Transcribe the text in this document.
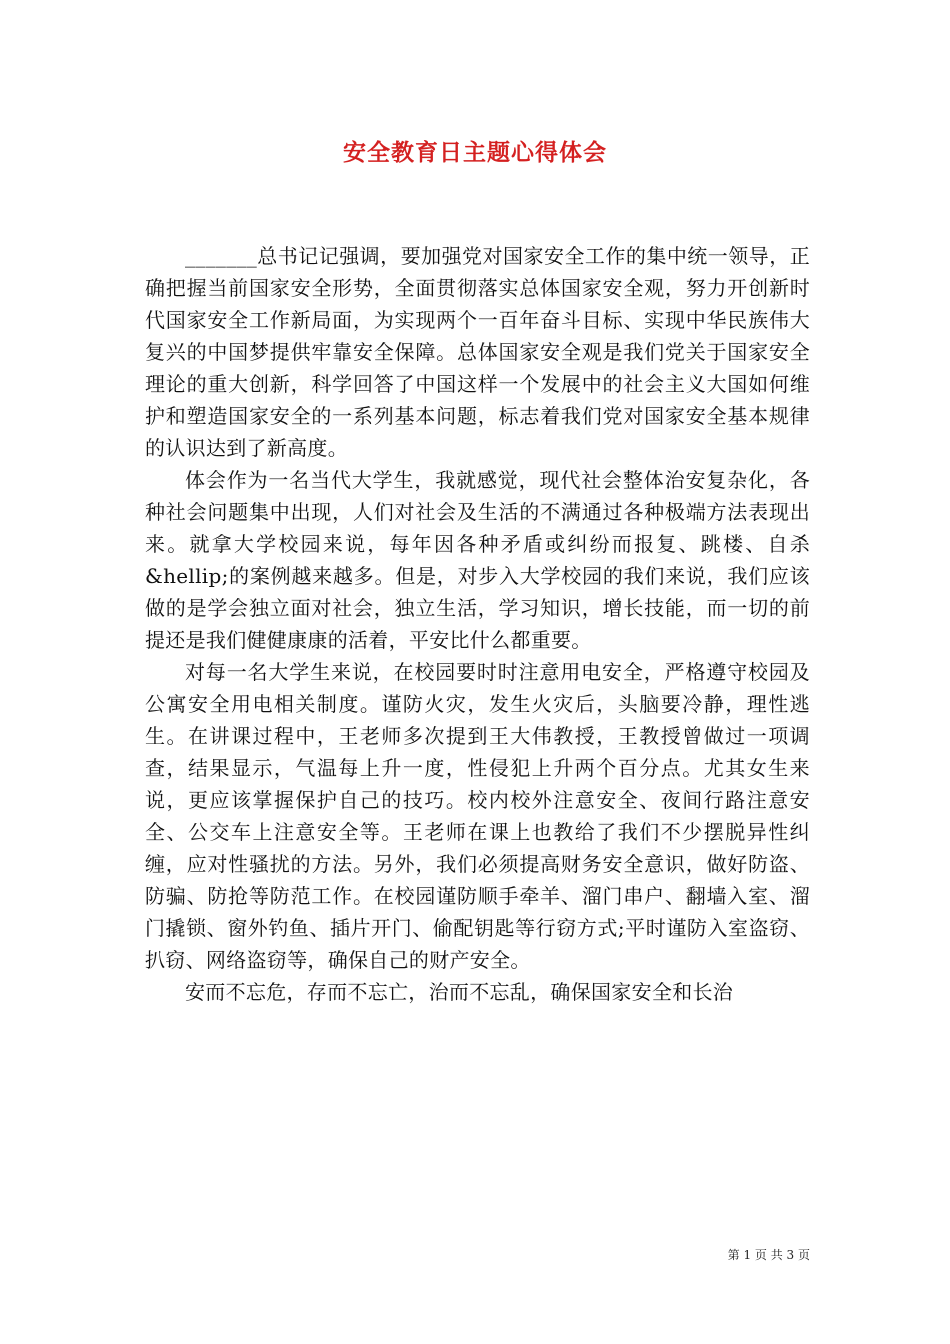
安全教育日主题心得体会

_______总书记记强调，要加强党对国家安全工作的集中统一领导，正确把握当前国家安全形势，全面贯彻落实总体国家安全观，努力开创新时代国家安全工作新局面，为实现两个一百年奋斗目标、实现中华民族伟大复兴的中国梦提供牢靠安全保障。总体国家安全观是我们党关于国家安全理论的重大创新，科学回答了中国这样一个发展中的社会主义大国如何维护和塑造国家安全的一系列基本问题，标志着我们党对国家安全基本规律的认识达到了新高度。

体会作为一名当代大学生，我就感觉，现代社会整体治安复杂化，各种社会问题集中出现，人们对社会及生活的不满通过各种极端方法表现出来。就拿大学校园来说，每年因各种矛盾或纠纷而报复、跳楼、自杀&hellip;的案例越来越多。但是，对步入大学校园的我们来说，我们应该做的是学会独立面对社会，独立生活，学习知识，增长技能，而一切的前提还是我们健健康康的活着，平安比什么都重要。

对每一名大学生来说，在校园要时时注意用电安全，严格遵守校园及公寓安全用电相关制度。谨防火灾，发生火灾后，头脑要冷静，理性逃生。在讲课过程中，王老师多次提到王大伟教授，王教授曾做过一项调查，结果显示，气温每上升一度，性侵犯上升两个百分点。尤其女生来说，更应该掌握保护自己的技巧。校内校外注意安全、夜间行路注意安全、公交车上注意安全等。王老师在课上也教给了我们不少摆脱异性纠缠，应对性骚扰的方法。另外，我们必须提高财务安全意识，做好防盗、防骗、防抢等防范工作。在校园谨防顺手牵羊、溜门串户、翻墙入室、溜门撬锁、窗外钓鱼、插片开门、偷配钥匙等行窃方式;平时谨防入室盗窃、扒窃、网络盗窃等，确保自己的财产安全。

安而不忘危，存而不忘亡，治而不忘乱，确保国家安全和长治

第 1 页 共 3 页
